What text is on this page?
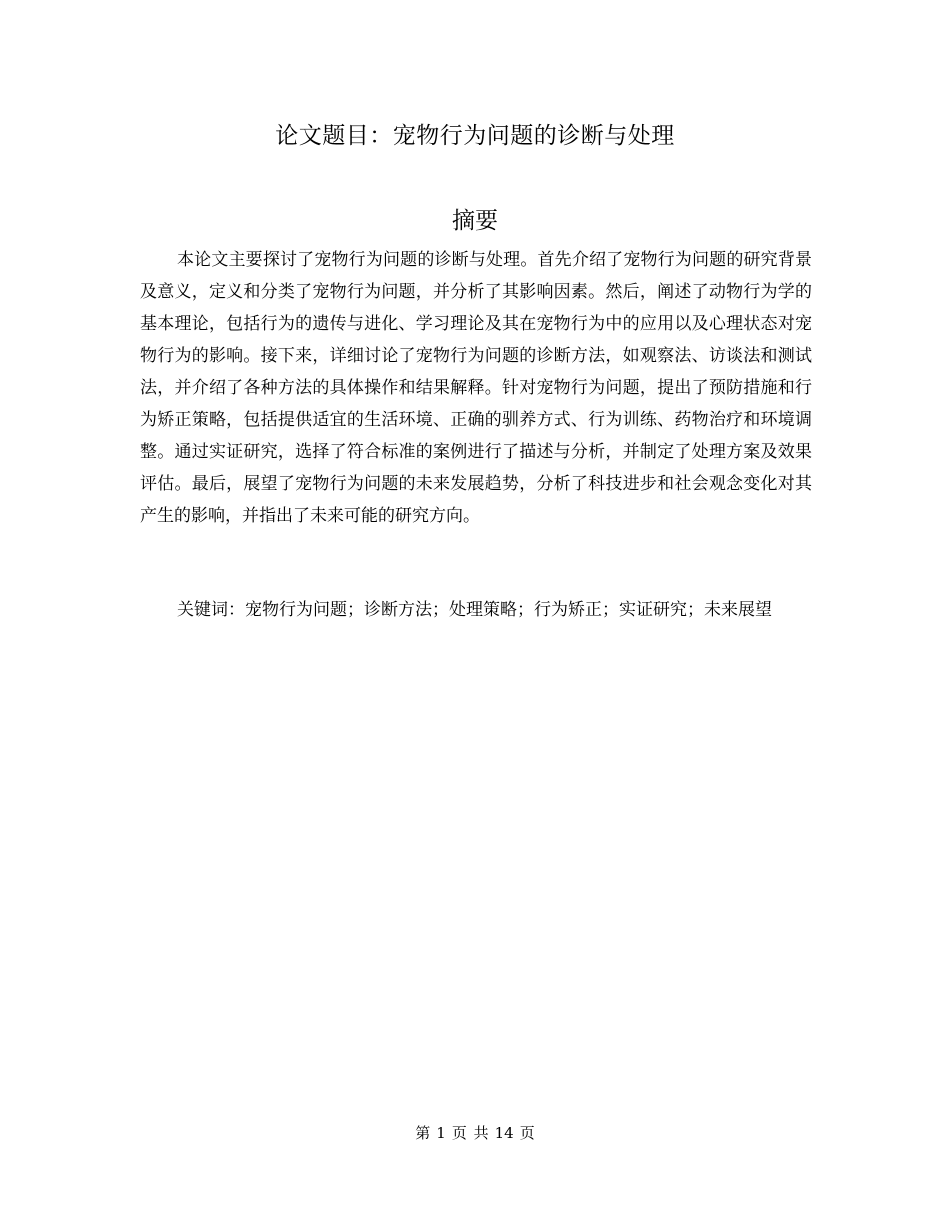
论文题目：宠物行为问题的诊断与处理
摘要

本论文主要探讨了宠物行为问题的诊断与处理。首先介绍了宠物行为问题的研究背景及意义，定义和分类了宠物行为问题，并分析了其影响因素。然后，阐述了动物行为学的基本理论，包括行为的遗传与进化、学习理论及其在宠物行为中的应用以及心理状态对宠物行为的影响。接下来，详细讨论了宠物行为问题的诊断方法，如观察法、访谈法和测试法，并介绍了各种方法的具体操作和结果解释。针对宠物行为问题，提出了预防措施和行为矫正策略，包括提供适宜的生活环境、正确的驯养方式、行为训练、药物治疗和环境调整。通过实证研究，选择了符合标准的案例进行了描述与分析，并制定了处理方案及效果评估。最后，展望了宠物行为问题的未来发展趋势，分析了科技进步和社会观念变化对其产生的影响，并指出了未来可能的研究方向。

关键词：宠物行为问题；诊断方法；处理策略；行为矫正；实证研究；未来展望

第 1 页 共 14 页
